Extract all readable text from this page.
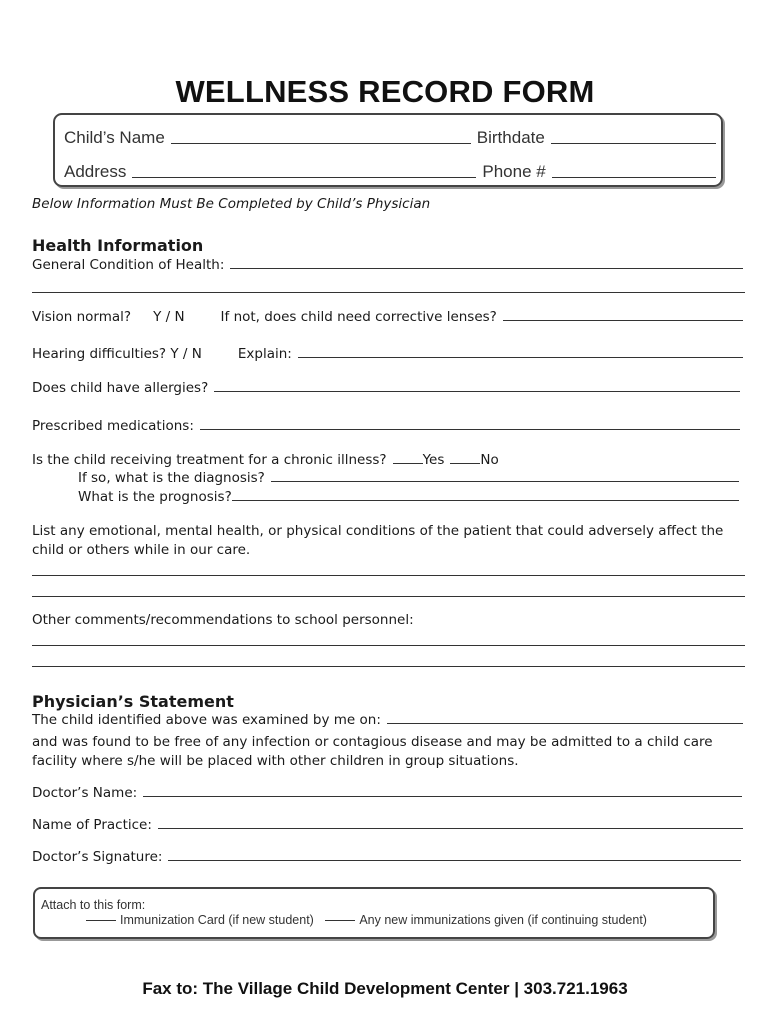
WELLNESS RECORD FORM
Child’s Name	Birthdate
Address	Phone #
Below Information Must Be Completed by Child’s Physician
Health Information
General Condition of Health:
Vision normal? Y / N	If not, does child need corrective lenses?
Hearing difficulties? Y / N	Explain:
Does child have allergies?
Prescribed medications:
Is the child receiving treatment for a chronic illness?	Yes	No
If so, what is the diagnosis?
What is the prognosis?
List any emotional, mental health, or physical conditions of the patient that could adversely affect the child or others while in our care.
Other comments/recommendations to school personnel:
Physician’s Statement
The child identified above was examined by me on:
and was found to be free of any infection or contagious disease and may be admitted to a child care facility where s/he will be placed with other children in group situations.
Doctor’s Name:
Name of Practice:
Doctor’s Signature:
Attach to this form:
Immunization Card (if new student)	Any new immunizations given (if continuing student)
Fax to: The Village Child Development Center | 303.721.1963
